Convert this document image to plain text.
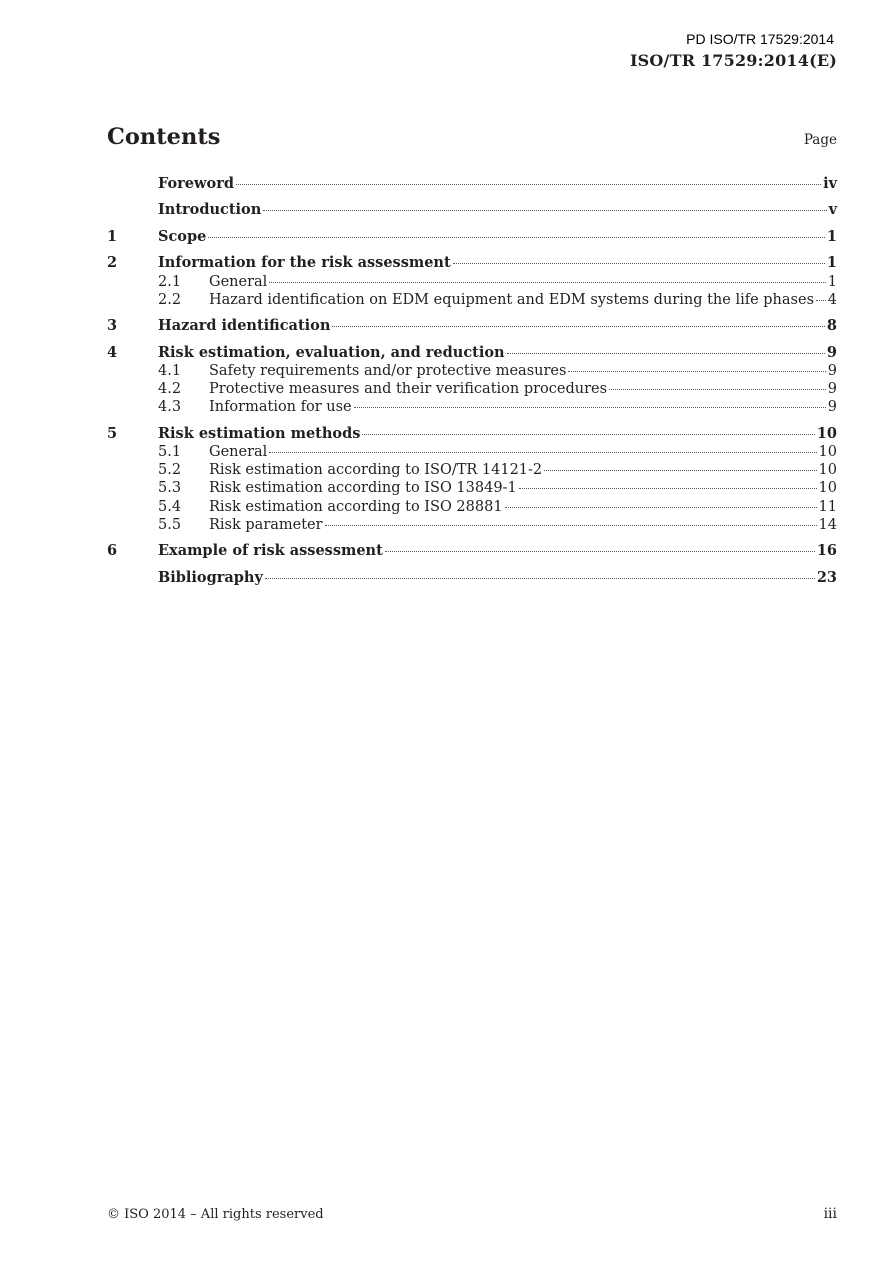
PD ISO/TR 17529:2014
ISO/TR 17529:2014(E)
Contents	Page
Foreword	iv
Introduction	v
1	Scope	1
2	Information for the risk assessment	1
2.1	General	1
2.2	Hazard identification on EDM equipment and EDM systems during the life phases 4
3	Hazard identification	8
4	Risk estimation, evaluation, and reduction	9
4.1	Safety requirements and/or protective measures	9
4.2	Protective measures and their verification procedures	9
4.3	Information for use	9
5	Risk estimation methods	10
5.1	General	10
5.2	Risk estimation according to ISO/TR 14121-2	10
5.3	Risk estimation according to ISO 13849-1	10
5.4	Risk estimation according to ISO 28881	11
5.5	Risk parameter	14
6	Example of risk assessment	16
Bibliography	23
© ISO 2014 – All rights reserved	iii
